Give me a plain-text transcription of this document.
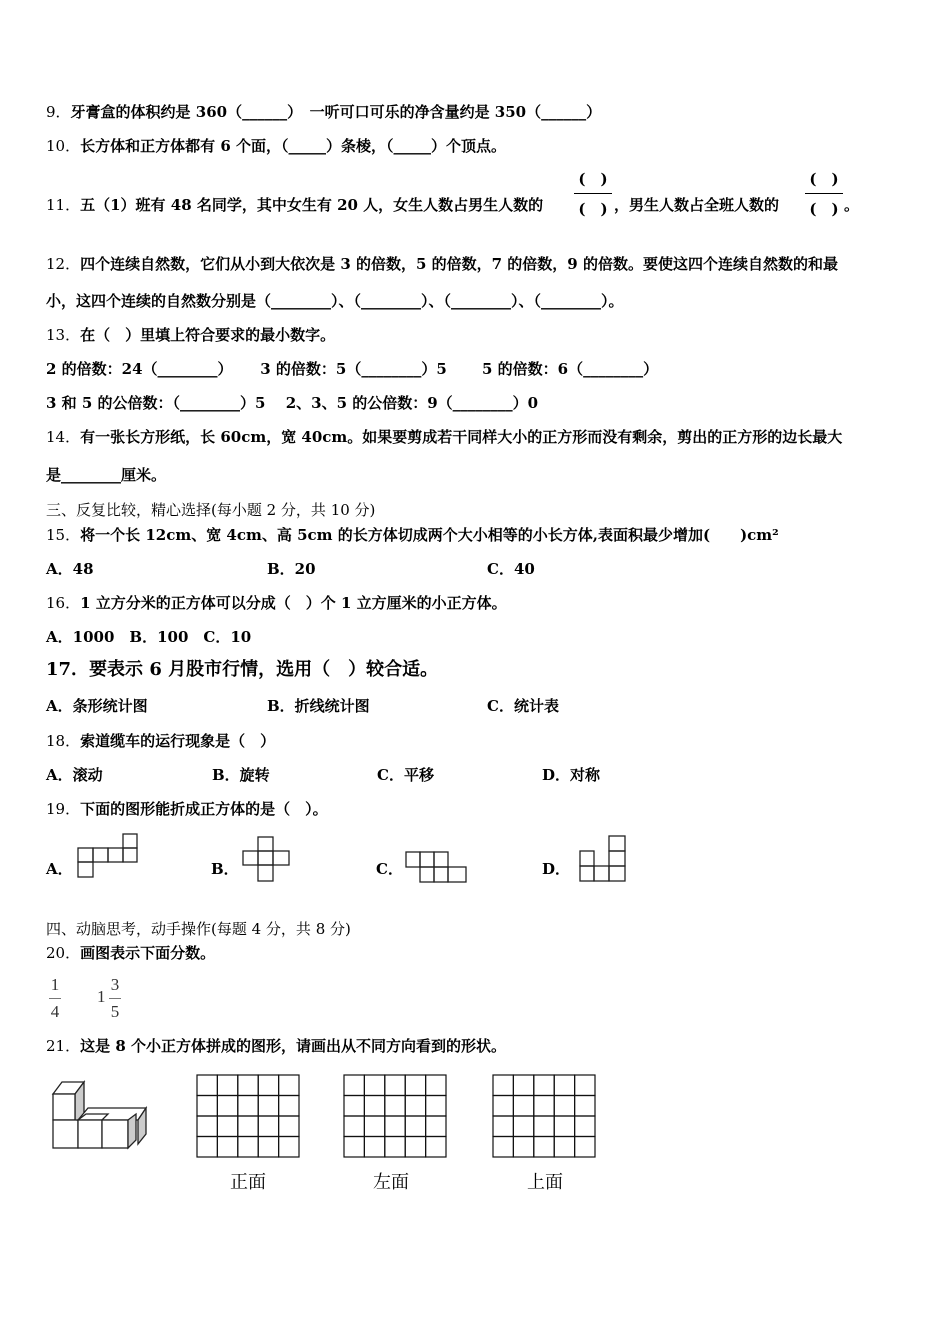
9．牙膏盒的体积约是 360（______）　一听可口可乐的净含量约是 350（______）
10．长方体和正方体都有 6 个面，（_____）条棱，（_____）个顶点。
11．五（1）班有 48 名同学，其中女生有 20 人，女生人数占男生人数的
(　)
(　) ，男生人数占全班人数的
(　)
(　) 。
12．四个连续自然数，它们从小到大依次是 3 的倍数，5 的倍数，7 的倍数，9 的倍数。要使这四个连续自然数的和最
小，这四个连续的自然数分别是（________）、（________）、（________）、（________）。
13．在（　）里填上符合要求的最小数字。
2 的倍数：24（________）　　 3 的倍数：5（________）5　　 5 的倍数：6（________）
3 和 5 的公倍数：（________）5　 2、3、5 的公倍数：9（________）0
14．有一张长方形纸，长 60cm，宽 40cm。如果要剪成若干同样大小的正方形而没有剩余，剪出的正方形的边长最大
是________厘米。
三、反复比较，精心选择(每小题 2 分，共 10 分)
15．将一个长 12cm、宽 4cm、高 5cm 的长方体切成两个大小相等的小长方体,表面积最少增加(　　)cm²
A．48	B．20	C．40
16．1 立方分米的正方体可以分成（　）个 1 立方厘米的小正方体。
A．1000　B．100　C．10
17．要表示 6 月股市行情，选用（　）较合适。
A．条形统计图	B．折线统计图	C．统计表
18．索道缆车的运行现象是（　）
A．滚动	B．旋转	C．平移	D．对称
19．下面的图形能折成正方体的是（　）。
A．	B．	C．	D．
四、动脑思考，动手操作(每题 4 分，共 8 分)
20．画图表示下面分数。
1
4
1
3
5
21．这是 8 个小正方体拼成的图形，请画出从不同方向看到的形状。
正面	左面	上面
